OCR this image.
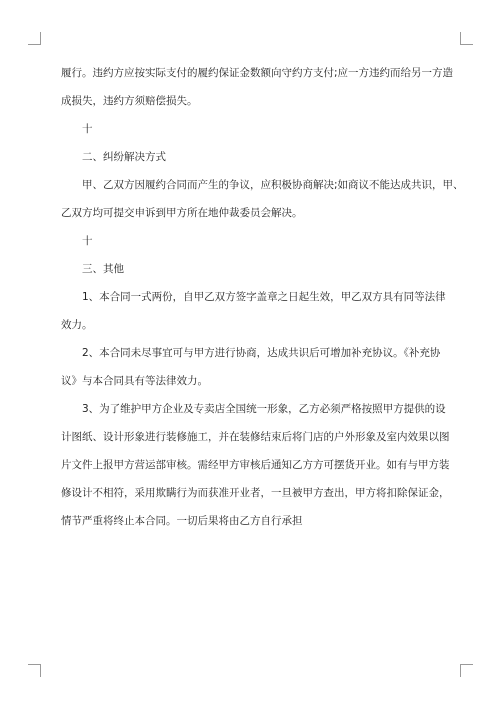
履行。违约方应按实际支付的履约保证金数额向守约方支付;应一方违约而给另一方造
成损失，违约方须赔偿损失。
十
二、纠纷解决方式
甲、乙双方因履约合同而产生的争议，应积极协商解决;如商议不能达成共识，甲、
乙双方均可提交申诉到甲方所在地仲裁委员会解决。
十
三、其他
1、本合同一式两份，自甲乙双方签字盖章之日起生效，甲乙双方具有同等法律
效力。
2、本合同未尽事宜可与甲方进行协商，达成共识后可增加补充协议。《补充协
议》与本合同具有等法律效力。
3、为了维护甲方企业及专卖店全国统一形象，乙方必须严格按照甲方提供的设
计图纸、设计形象进行装修施工，并在装修结束后将门店的户外形象及室内效果以图
片文件上报甲方营运部审核。需经甲方审核后通知乙方方可摆货开业。如有与甲方装
修设计不相符，采用欺瞒行为而获准开业者，一旦被甲方查出，甲方将扣除保证金，
情节严重将终止本合同。一切后果将由乙方自行承担
